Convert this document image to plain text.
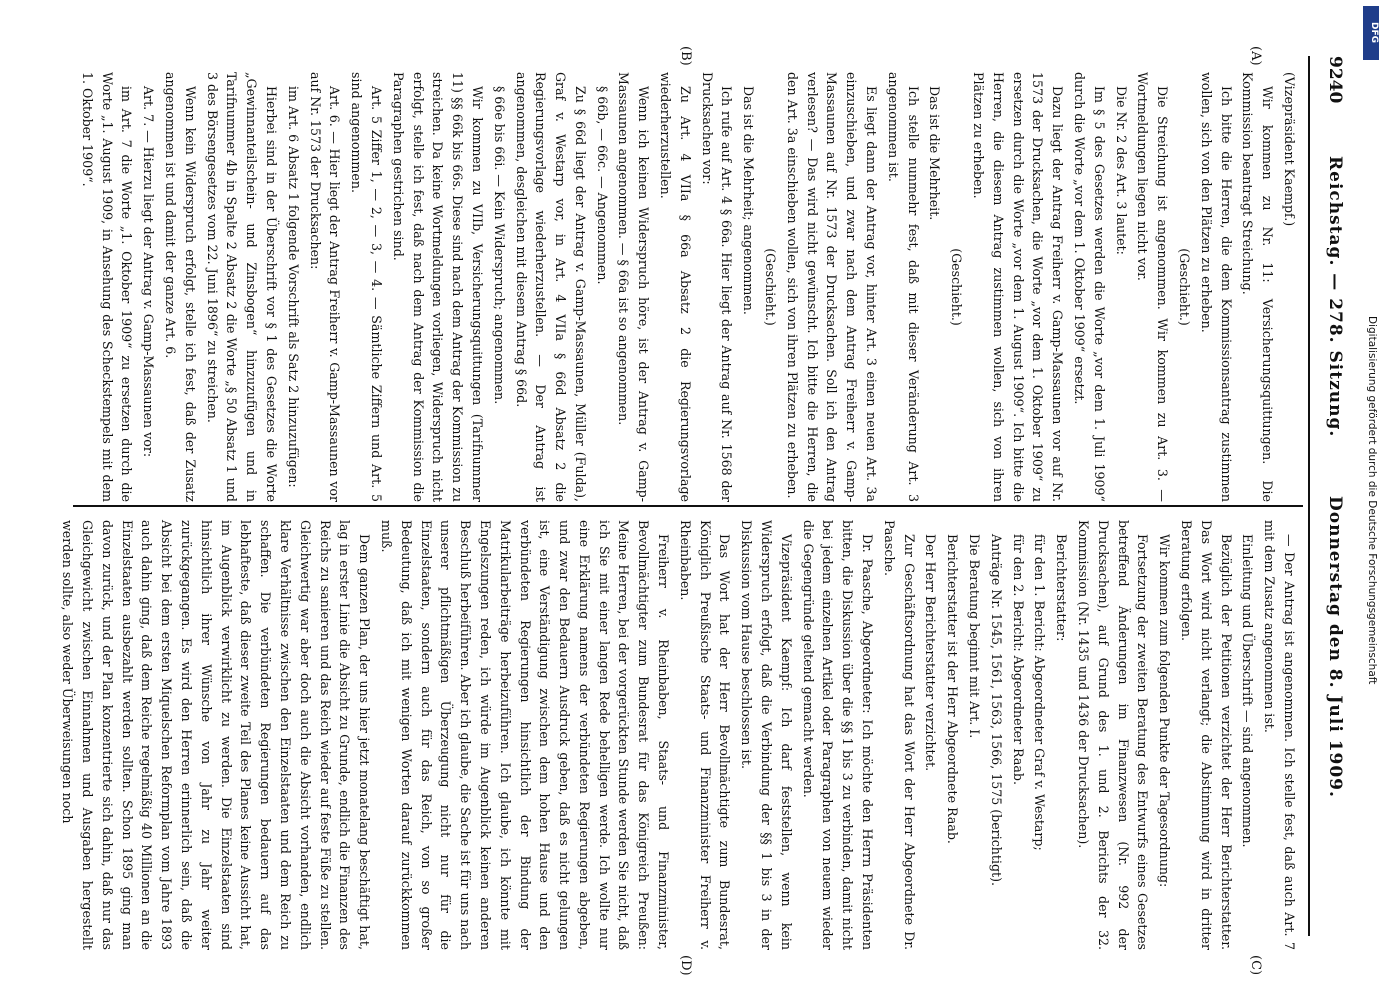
9240
Reichstag. — 278. Sitzung.
Donnerstag den 8. Juli 1909.
(A)
(B)
(C)
(D)

(Vizepräsident Kaempf.)

Wir kommen zu Nr. 11: Versicherungsquittungen. Die Kommission beantragt Streichung.

Ich bitte die Herren, die dem Kommissionsantrag zustimmen wollen, sich von den Plätzen zu erheben.

(Geschieht.)

Die Streichung ist angenommen. Wir kommen zu Art. 3. — Wortmeldungen liegen nicht vor.

Die Nr. 2 des Art. 3 lautet:

Im § 5 des Gesetzes werden die Worte „vor dem 1. Juli 1909“ durch die Worte „vor dem 1. Oktober 1909“ ersetzt.

Dazu liegt der Antrag Freiherr v. Gamp-Massaunen vor auf Nr. 1573 der Drucksachen, die Worte „vor dem 1. Oktober 1909“ zu ersetzen durch die Worte „vor dem 1. August 1909“. Ich bitte die Herren, die diesem Antrag zustimmen wollen, sich von ihren Plätzen zu erheben.

(Geschieht.)

Das ist die Mehrheit.

Ich stelle nunmehr fest, daß mit dieser Veränderung Art. 3 angenommen ist.

Es liegt dann der Antrag vor, hinter Art. 3 einen neuen Art. 3a einzuschieben, und zwar nach dem Antrag Freiherr v. Gamp-Massaunen auf Nr. 1573 der Drucksachen. Soll ich den Antrag verlesen? — Das wird nicht gewünscht. Ich bitte die Herren, die den Art. 3a einschieben wollen, sich von ihren Plätzen zu erheben.

(Geschieht.)

Das ist die Mehrheit; angenommen.

Ich rufe auf Art. 4 § 66a. Hier liegt der Antrag auf Nr. 1568 der Drucksachen vor:

Zu Art. 4 VIIa § 66a Absatz 2 die Regierungsvorlage wiederherzustellen.

Wenn ich keinen Widerspruch höre, ist der Antrag v. Gamp-Massaunen angenommen. — § 66a ist so angenommen.

§ 66b, — 66c. — Angenommen.

Zu § 66d liegt der Antrag v. Gamp-Massaunen, Müller (Fulda), Graf v. Westarp vor, in Art. 4 VIIa § 66d Absatz 2 die Regierungsvorlage wiederherzustellen. — Der Antrag ist angenommen, desgleichen mit diesem Antrag § 66d.

§ 66e bis 66i. — Kein Widerspruch; angenommen.

Wir kommen zu VIIb, Versicherungsquittungen (Tarifnummer 11) §§ 66k bis 66s. Diese sind nach dem Antrag der Kommission zu streichen. Da keine Wortmeldungen vorliegen, Widerspruch nicht erfolgt, stelle ich fest, daß nach dem Antrag der Kommission die Paragraphen gestrichen sind.

Art. 5 Ziffer 1, — 2, — 3, — 4. — Sämtliche Ziffern und Art. 5 sind angenommen.

Art. 6. — Hier liegt der Antrag Freiherr v. Gamp-Massaunen vor auf Nr. 1573 der Drucksachen:

im Art. 6 Absatz 1 folgende Vorschrift als Satz 2 hinzuzufügen:

Hierbei sind in der Überschrift vor § 1 des Gesetzes die Worte „Gewinnanteilschein- und Zinsbogen“ hinzuzufügen und in Tarifnummer 4b in Spalte 2 Absatz 2 die Worte „§ 50 Absatz 1 und 3 des Börsengesetzes vom 22. Juni 1896“ zu streichen.

Wenn kein Widerspruch erfolgt, stelle ich fest, daß der Zusatz angenommen ist und damit der ganze Art. 6.

Art. 7. — Hierzu liegt der Antrag v. Gamp-Massaunen vor:

im Art. 7 die Worte „1. Oktober 1909“ zu ersetzen durch die Worte „1. August 1909, in Ansehung des Scheckstempels mit dem 1. Oktober 1909“.

— Der Antrag ist angenommen. Ich stelle fest, daß auch Art. 7 mit dem Zusatz angenommen ist.

Einleitung und Überschrift — sind angenommen.

Bezüglich der Petitionen verzichtet der Herr Berichterstatter. Das Wort wird nicht verlangt; die Abstimmung wird in dritter Beratung erfolgen.

Wir kommen zum folgenden Punkte der Tagesordnung:

Fortsetzung der zweiten Beratung des Entwurfs eines Gesetzes betreffend Änderungen im Finanzwesen (Nr. 992 der Drucksachen), auf Grund des 1. und 2. Berichts der 32. Kommission (Nr. 1435 und 1436 der Drucksachen).

Berichterstatter:

für den 1. Bericht: Abgeordneter Graf v. Westarp;

für den 2. Bericht: Abgeordneter Raab.

Anträge Nr. 1545, 1561, 1563, 1566, 1575 (berichtigt).

Die Beratung beginnt mit Art. I.

Berichterstatter ist der Herr Abgeordnete Raab.

Der Herr Berichterstatter verzichtet.

Zur Geschäftsordnung hat das Wort der Herr Abgeordnete Dr. Paasche.

Dr. Paasche, Abgeordneter: Ich möchte den Herrn Präsidenten bitten, die Diskussion über die §§ 1 bis 3 zu verbinden, damit nicht bei jedem einzelnen Artikel oder Paragraphen von neuem wieder die Gegengründe geltend gemacht werden.

Vizepräsident Kaempf: Ich darf feststellen, wenn kein Widerspruch erfolgt, daß die Verbindung der §§ 1 bis 3 in der Diskussion vom Hause beschlossen ist.

Das Wort hat der Herr Bevollmächtigte zum Bundesrat, Königlich Preußische Staats- und Finanzminister Freiherr v. Rheinbaben.

Freiherr v. Rheinbaben, Staats- und Finanzminister, Bevollmächtigter zum Bundesrat für das Königreich Preußen: Meine Herren, bei der vorgerückten Stunde werden Sie nicht, daß ich Sie mit einer langen Rede behelligen werde. Ich wollte nur eine Erklärung namens der verbündeten Regierungen abgeben, und zwar den Bedauern Ausdruck geben, daß es nicht gelungen ist, eine Verständigung zwischen dem hohen Hause und den verbündeten Regierungen hinsichtlich der Bindung der Matrikularbeiträge herbeizuführen. Ich glaube, ich könnte mit Engelszungen reden, ich würde im Augenblick keinen anderen Beschluß herbeiführen. Aber ich glaube, die Sache ist für uns nach unserer pflichtmäßigen Überzeugung nicht nur für die Einzelstaaten, sondern auch für das Reich, von so großer Bedeutung, daß ich mit wenigen Worten darauf zurückkommen muß.

Dem ganzen Plan, der uns hier jetzt monatelang beschäftigt hat, lag in erster Linie die Absicht zu Grunde, endlich die Finanzen des Reichs zu sanieren und das Reich wieder auf feste Füße zu stellen. Gleichwertig war aber doch auch die Absicht vorhanden, endlich klare Verhältnisse zwischen den Einzelstaaten und dem Reich zu schaffen. Die verbündeten Regierungen bedauern auf das lebhafteste, daß dieser zweite Teil des Planes keine Aussicht hat, im Augenblick verwirklicht zu werden. Die Einzelstaaten sind hinsichtlich ihrer Wünsche von Jahr zu Jahr weiter zurückgegangen. Es wird den Herren erinnerlich sein, daß die Absicht bei dem ersten Miquelschen Reformplan vom Jahre 1893 auch dahin ging, daß dem Reiche regelmäßig 40 Millionen an die Einzelstaaten ausbezahlt werden sollten. Schon 1895 ging man davon zurück, und der Plan konzentrierte sich dahin, daß nur das Gleichgewicht zwischen Einnahmen und Ausgaben hergestellt werden sollte, also weder Überweisungen noch

DFG
Digitalisierung gefördert durch die Deutsche Forschungsgemeinschaft
